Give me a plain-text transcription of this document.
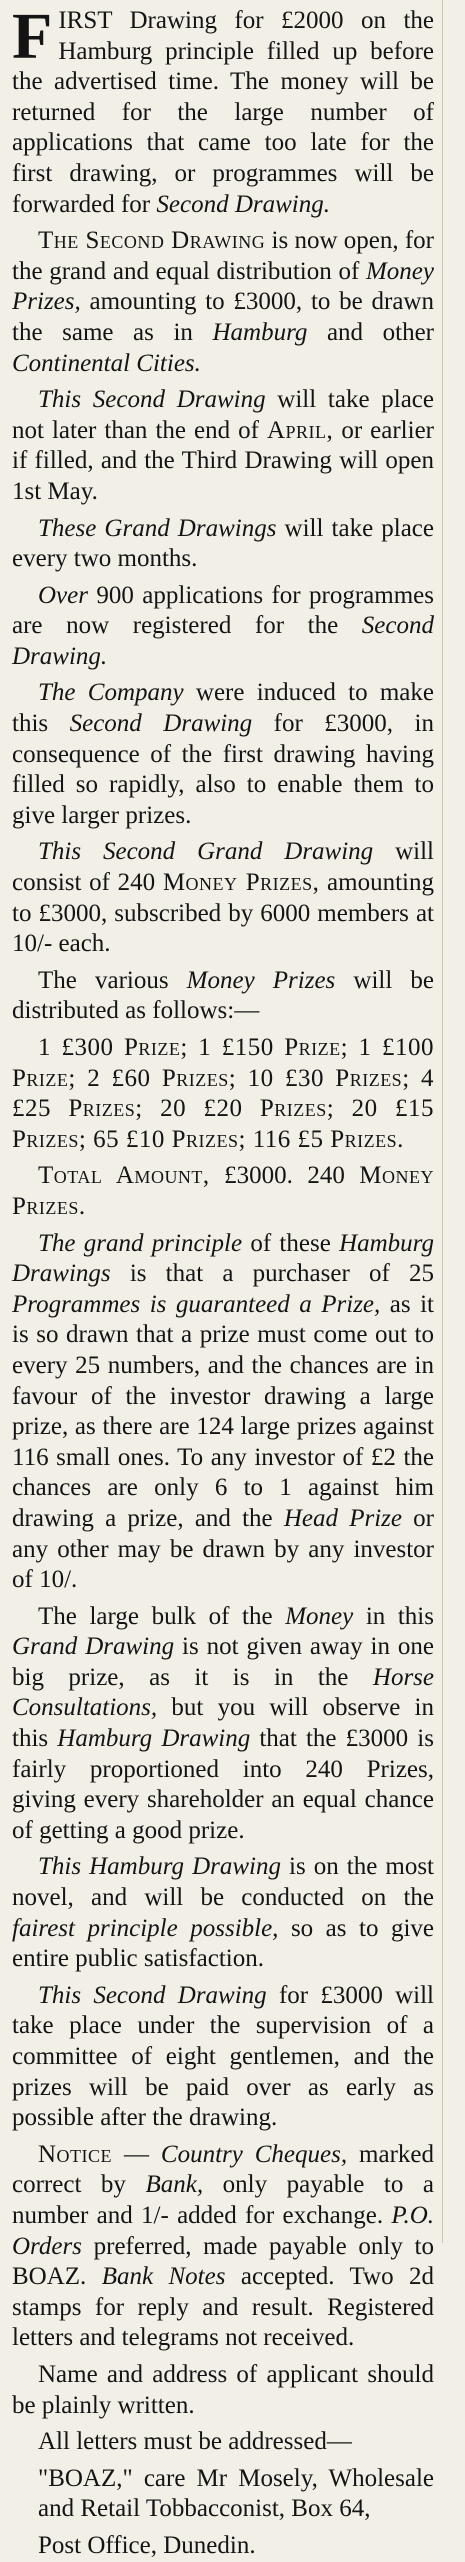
FIRST Drawing for £2000 on the Hamburg principle filled up before the advertised time. The money will be returned for the large number of applications that came too late for the first drawing, or programmes will be forwarded for Second Drawing.

The Second Drawing is now open, for the grand and equal distribution of Money Prizes, amounting to £3000, to be drawn the same as in Hamburg and other Continental Cities.

This Second Drawing will take place not later than the end of April, or earlier if filled, and the Third Drawing will open 1st May.

These Grand Drawings will take place every two months.

Over 900 applications for programmes are now registered for the Second Drawing.

The Company were induced to make this Second Drawing for £3000, in consequence of the first drawing having filled so rapidly, also to enable them to give larger prizes.

This Second Grand Drawing will consist of 240 Money Prizes, amounting to £3000, subscribed by 6000 members at 10/- each.

The various Money Prizes will be distributed as follows:—

1 £300 Prize; 1 £150 Prize; 1 £100 Prize; 2 £60 Prizes; 10 £30 Prizes; 4 £25 Prizes; 20 £20 Prizes; 20 £15 Prizes; 65 £10 Prizes; 116 £5 Prizes.

Total Amount, £3000. 240 Money Prizes.

The grand principle of these Hamburg Drawings is that a purchaser of 25 Programmes is guaranteed a Prize, as it is so drawn that a prize must come out to every 25 numbers, and the chances are in favour of the investor drawing a large prize, as there are 124 large prizes against 116 small ones. To any investor of £2 the chances are only 6 to 1 against him drawing a prize, and the Head Prize or any other may be drawn by any investor of 10/.

The large bulk of the Money in this Grand Drawing is not given away in one big prize, as it is in the Horse Consultations, but you will observe in this Hamburg Drawing that the £3000 is fairly proportioned into 240 Prizes, giving every shareholder an equal chance of getting a good prize.

This Hamburg Drawing is on the most novel, and will be conducted on the fairest principle possible, so as to give entire public satisfaction.

This Second Drawing for £3000 will take place under the supervision of a committee of eight gentlemen, and the prizes will be paid over as early as possible after the drawing.

Notice — Country Cheques, marked correct by Bank, only payable to a number and 1/- added for exchange. P.O. Orders preferred, made payable only to BOAZ. Bank Notes accepted. Two 2d stamps for reply and result. Registered letters and telegrams not received.

Name and address of applicant should be plainly written.

All letters must be addressed—

"BOAZ," care Mr Mosely, Wholesale and Retail Tobbacconist, Box 64,

Post Office, Dunedin.
